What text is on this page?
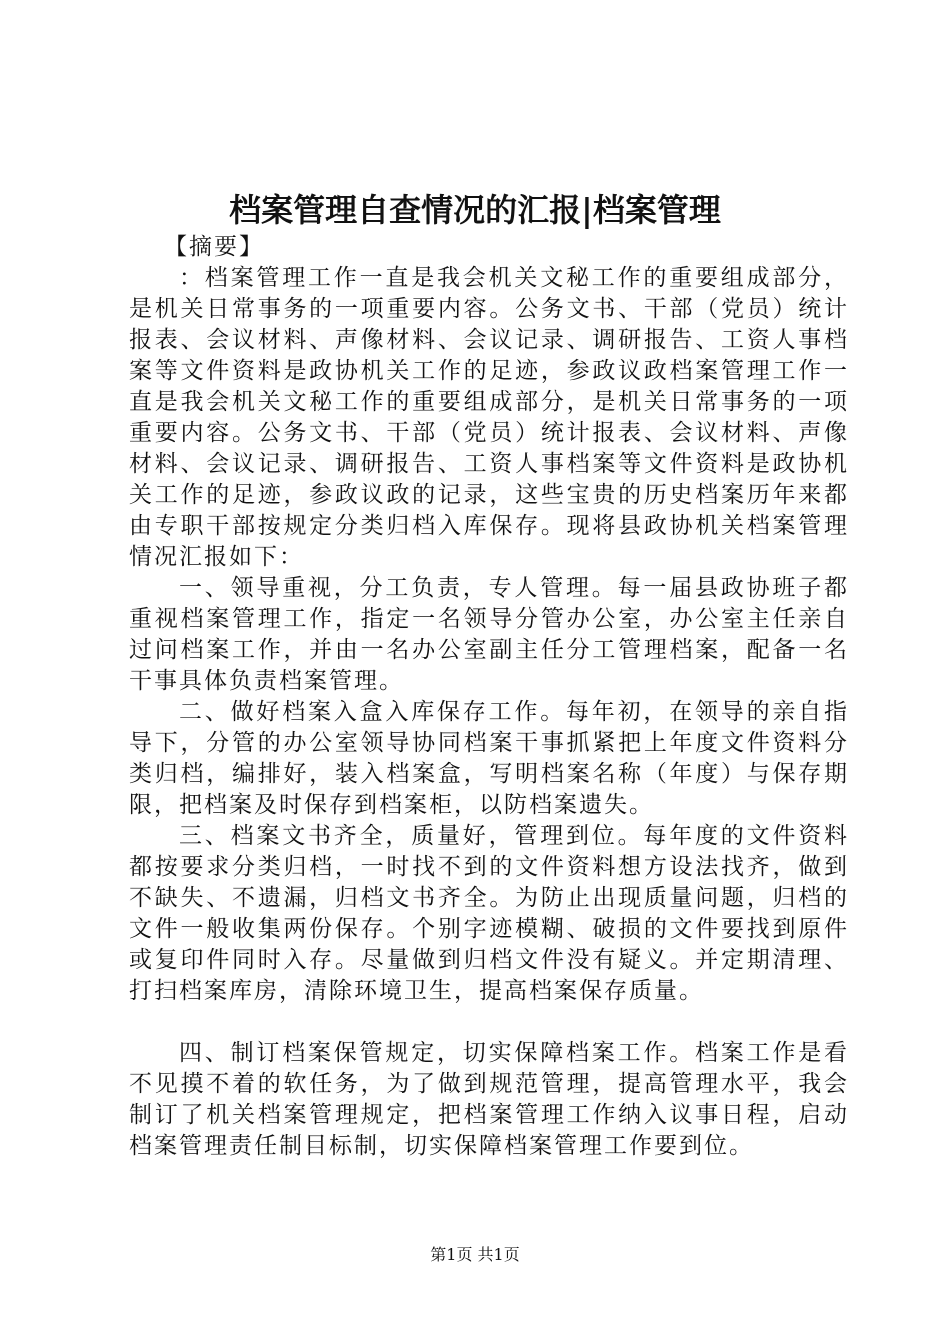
档案管理自查情况的汇报|档案管理

【摘要】

：档案管理工作一直是我会机关文秘工作的重要组成部分，是机关日常事务的一项重要内容。公务文书、干部（党员）统计报表、会议材料、声像材料、会议记录、调研报告、工资人事档案等文件资料是政协机关工作的足迹，参政议政档案管理工作一直是我会机关文秘工作的重要组成部分，是机关日常事务的一项重要内容。公务文书、干部（党员）统计报表、会议材料、声像材料、会议记录、调研报告、工资人事档案等文件资料是政协机关工作的足迹，参政议政的记录，这些宝贵的历史档案历年来都由专职干部按规定分类归档入库保存。现将县政协机关档案管理情况汇报如下：

一、领导重视，分工负责，专人管理。每一届县政协班子都重视档案管理工作，指定一名领导分管办公室，办公室主任亲自过问档案工作，并由一名办公室副主任分工管理档案，配备一名干事具体负责档案管理。

二、做好档案入盒入库保存工作。每年初，在领导的亲自指导下，分管的办公室领导协同档案干事抓紧把上年度文件资料分类归档，编排好，装入档案盒，写明档案名称（年度）与保存期限，把档案及时保存到档案柜，以防档案遗失。

三、档案文书齐全，质量好，管理到位。每年度的文件资料都按要求分类归档，一时找不到的文件资料想方设法找齐，做到不缺失、不遗漏，归档文书齐全。为防止出现质量问题，归档的文件一般收集两份保存。个别字迹模糊、破损的文件要找到原件或复印件同时入存。尽量做到归档文件没有疑义。并定期清理、打扫档案库房，清除环境卫生，提高档案保存质量。

四、制订档案保管规定，切实保障档案工作。档案工作是看不见摸不着的软任务，为了做到规范管理，提高管理水平，我会制订了机关档案管理规定，把档案管理工作纳入议事日程，启动档案管理责任制目标制，切实保障档案管理工作要到位。

第1页 共1页
